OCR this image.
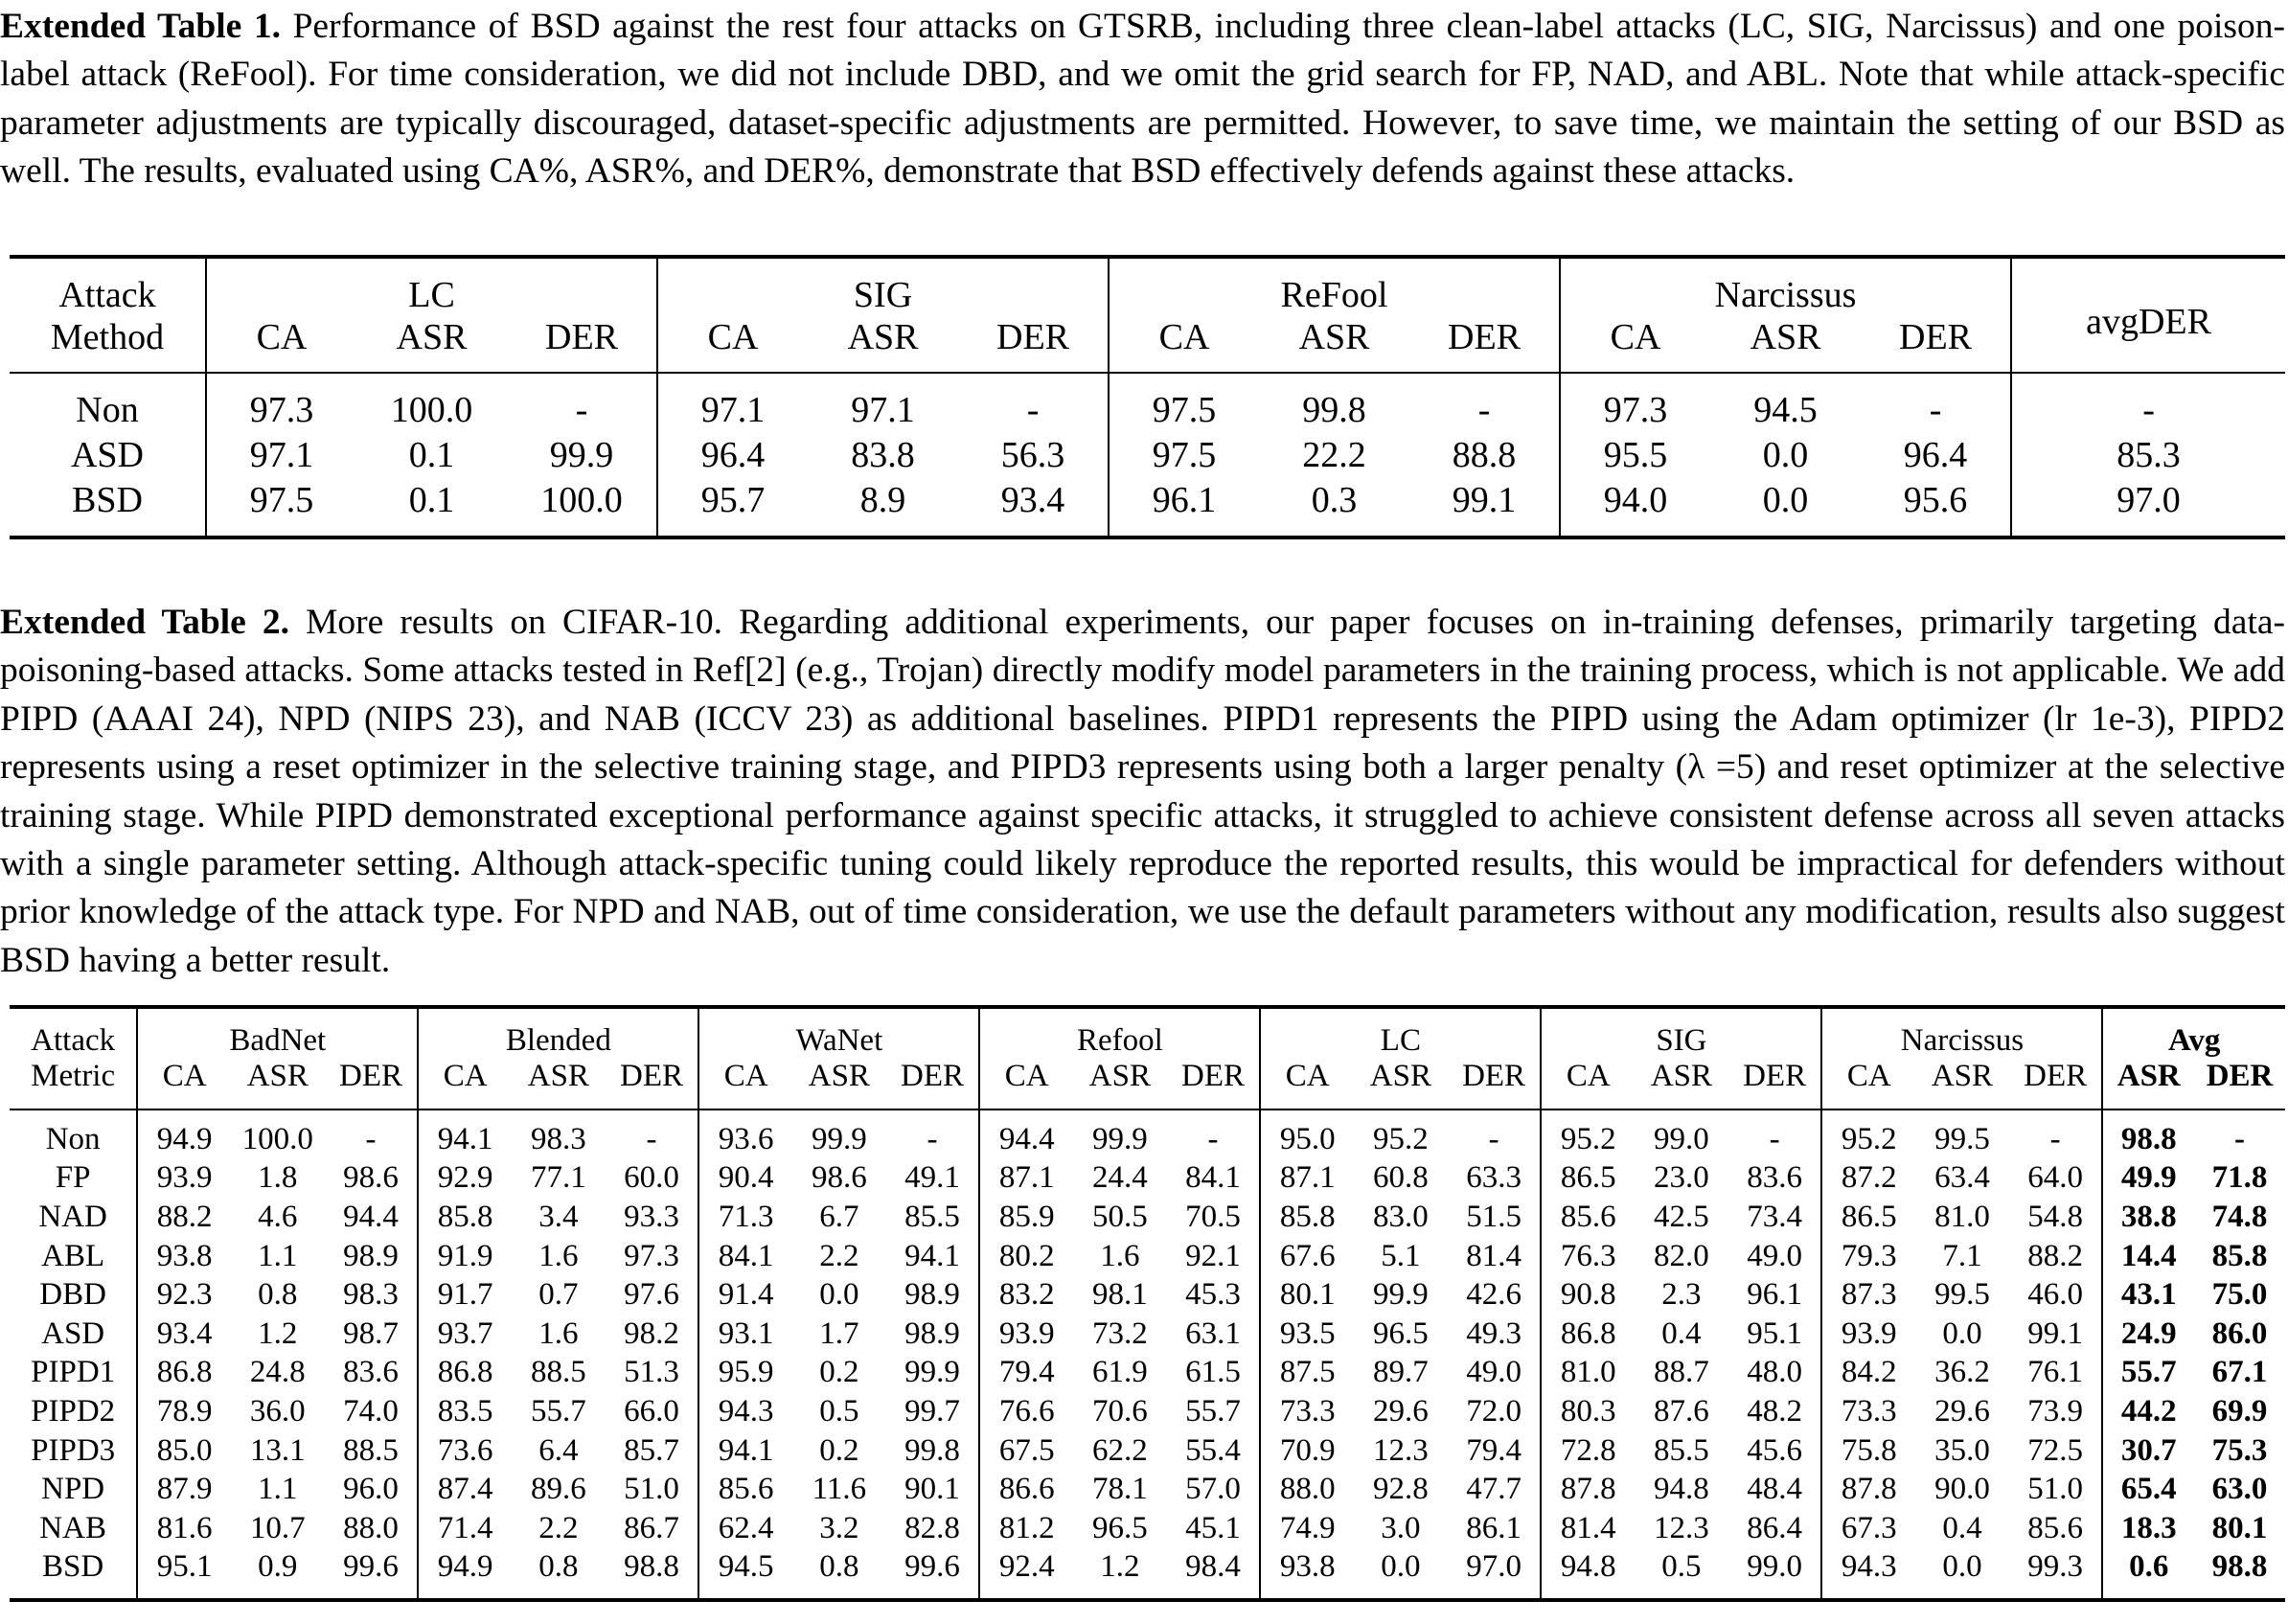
Extended Table 1. Performance of BSD against the rest four attacks on GTSRB, including three clean-label attacks (LC, SIG, Narcissus) and one poison-label attack (ReFool). For time consideration, we did not include DBD, and we omit the grid search for FP, NAD, and ABL. Note that while attack-specific parameter adjustments are typically discouraged, dataset-specific adjustments are permitted. However, to save time, we maintain the setting of our BSD as well. The results, evaluated using CA%, ASR%, and DER%, demonstrate that BSD effectively defends against these attacks.

Attack	LC			SIG			ReFool			Narcissus			avgDER
Method	CA	ASR	DER	CA	ASR	DER	CA	ASR	DER	CA	ASR	DER	
Non	97.3	100.0	-	97.1	97.1	-	97.5	99.8	-	97.3	94.5	-	-
ASD	97.1	0.1	99.9	96.4	83.8	56.3	97.5	22.2	88.8	95.5	0.0	96.4	85.3
BSD	97.5	0.1	100.0	95.7	8.9	93.4	96.1	0.3	99.1	94.0	0.0	95.6	97.0

Extended Table 2. More results on CIFAR-10. Regarding additional experiments, our paper focuses on in-training defenses, primarily targeting data-poisoning-based attacks. Some attacks tested in Ref[2] (e.g., Trojan) directly modify model parameters in the training process, which is not applicable. We add PIPD (AAAI 24), NPD (NIPS 23), and NAB (ICCV 23) as additional baselines. PIPD1 represents the PIPD using the Adam optimizer (lr 1e-3), PIPD2 represents using a reset optimizer in the selective training stage, and PIPD3 represents using both a larger penalty (λ =5) and reset optimizer at the selective training stage. While PIPD demonstrated exceptional performance against specific attacks, it struggled to achieve consistent defense across all seven attacks with a single parameter setting. Although attack-specific tuning could likely reproduce the reported results, this would be impractical for defenders without prior knowledge of the attack type. For NPD and NAB, out of time consideration, we use the default parameters without any modification, results also suggest BSD having a better result.

Attack	BadNet			Blended			WaNet			Refool			LC			SIG			Narcissus			Avg	
Metric	CA	ASR	DER	CA	ASR	DER	CA	ASR	DER	CA	ASR	DER	CA	ASR	DER	CA	ASR	DER	CA	ASR	DER	ASR	DER
Non	94.9	100.0	-	94.1	98.3	-	93.6	99.9	-	94.4	99.9	-	95.0	95.2	-	95.2	99.0	-	95.2	99.5	-	98.8	-
FP	93.9	1.8	98.6	92.9	77.1	60.0	90.4	98.6	49.1	87.1	24.4	84.1	87.1	60.8	63.3	86.5	23.0	83.6	87.2	63.4	64.0	49.9	71.8
NAD	88.2	4.6	94.4	85.8	3.4	93.3	71.3	6.7	85.5	85.9	50.5	70.5	85.8	83.0	51.5	85.6	42.5	73.4	86.5	81.0	54.8	38.8	74.8
ABL	93.8	1.1	98.9	91.9	1.6	97.3	84.1	2.2	94.1	80.2	1.6	92.1	67.6	5.1	81.4	76.3	82.0	49.0	79.3	7.1	88.2	14.4	85.8
DBD	92.3	0.8	98.3	91.7	0.7	97.6	91.4	0.0	98.9	83.2	98.1	45.3	80.1	99.9	42.6	90.8	2.3	96.1	87.3	99.5	46.0	43.1	75.0
ASD	93.4	1.2	98.7	93.7	1.6	98.2	93.1	1.7	98.9	93.9	73.2	63.1	93.5	96.5	49.3	86.8	0.4	95.1	93.9	0.0	99.1	24.9	86.0
PIPD1	86.8	24.8	83.6	86.8	88.5	51.3	95.9	0.2	99.9	79.4	61.9	61.5	87.5	89.7	49.0	81.0	88.7	48.0	84.2	36.2	76.1	55.7	67.1
PIPD2	78.9	36.0	74.0	83.5	55.7	66.0	94.3	0.5	99.7	76.6	70.6	55.7	73.3	29.6	72.0	80.3	87.6	48.2	73.3	29.6	73.9	44.2	69.9
PIPD3	85.0	13.1	88.5	73.6	6.4	85.7	94.1	0.2	99.8	67.5	62.2	55.4	70.9	12.3	79.4	72.8	85.5	45.6	75.8	35.0	72.5	30.7	75.3
NPD	87.9	1.1	96.0	87.4	89.6	51.0	85.6	11.6	90.1	86.6	78.1	57.0	88.0	92.8	47.7	87.8	94.8	48.4	87.8	90.0	51.0	65.4	63.0
NAB	81.6	10.7	88.0	71.4	2.2	86.7	62.4	3.2	82.8	81.2	96.5	45.1	74.9	3.0	86.1	81.4	12.3	86.4	67.3	0.4	85.6	18.3	80.1
BSD	95.1	0.9	99.6	94.9	0.8	98.8	94.5	0.8	99.6	92.4	1.2	98.4	93.8	0.0	97.0	94.8	0.5	99.0	94.3	0.0	99.3	0.6	98.8
